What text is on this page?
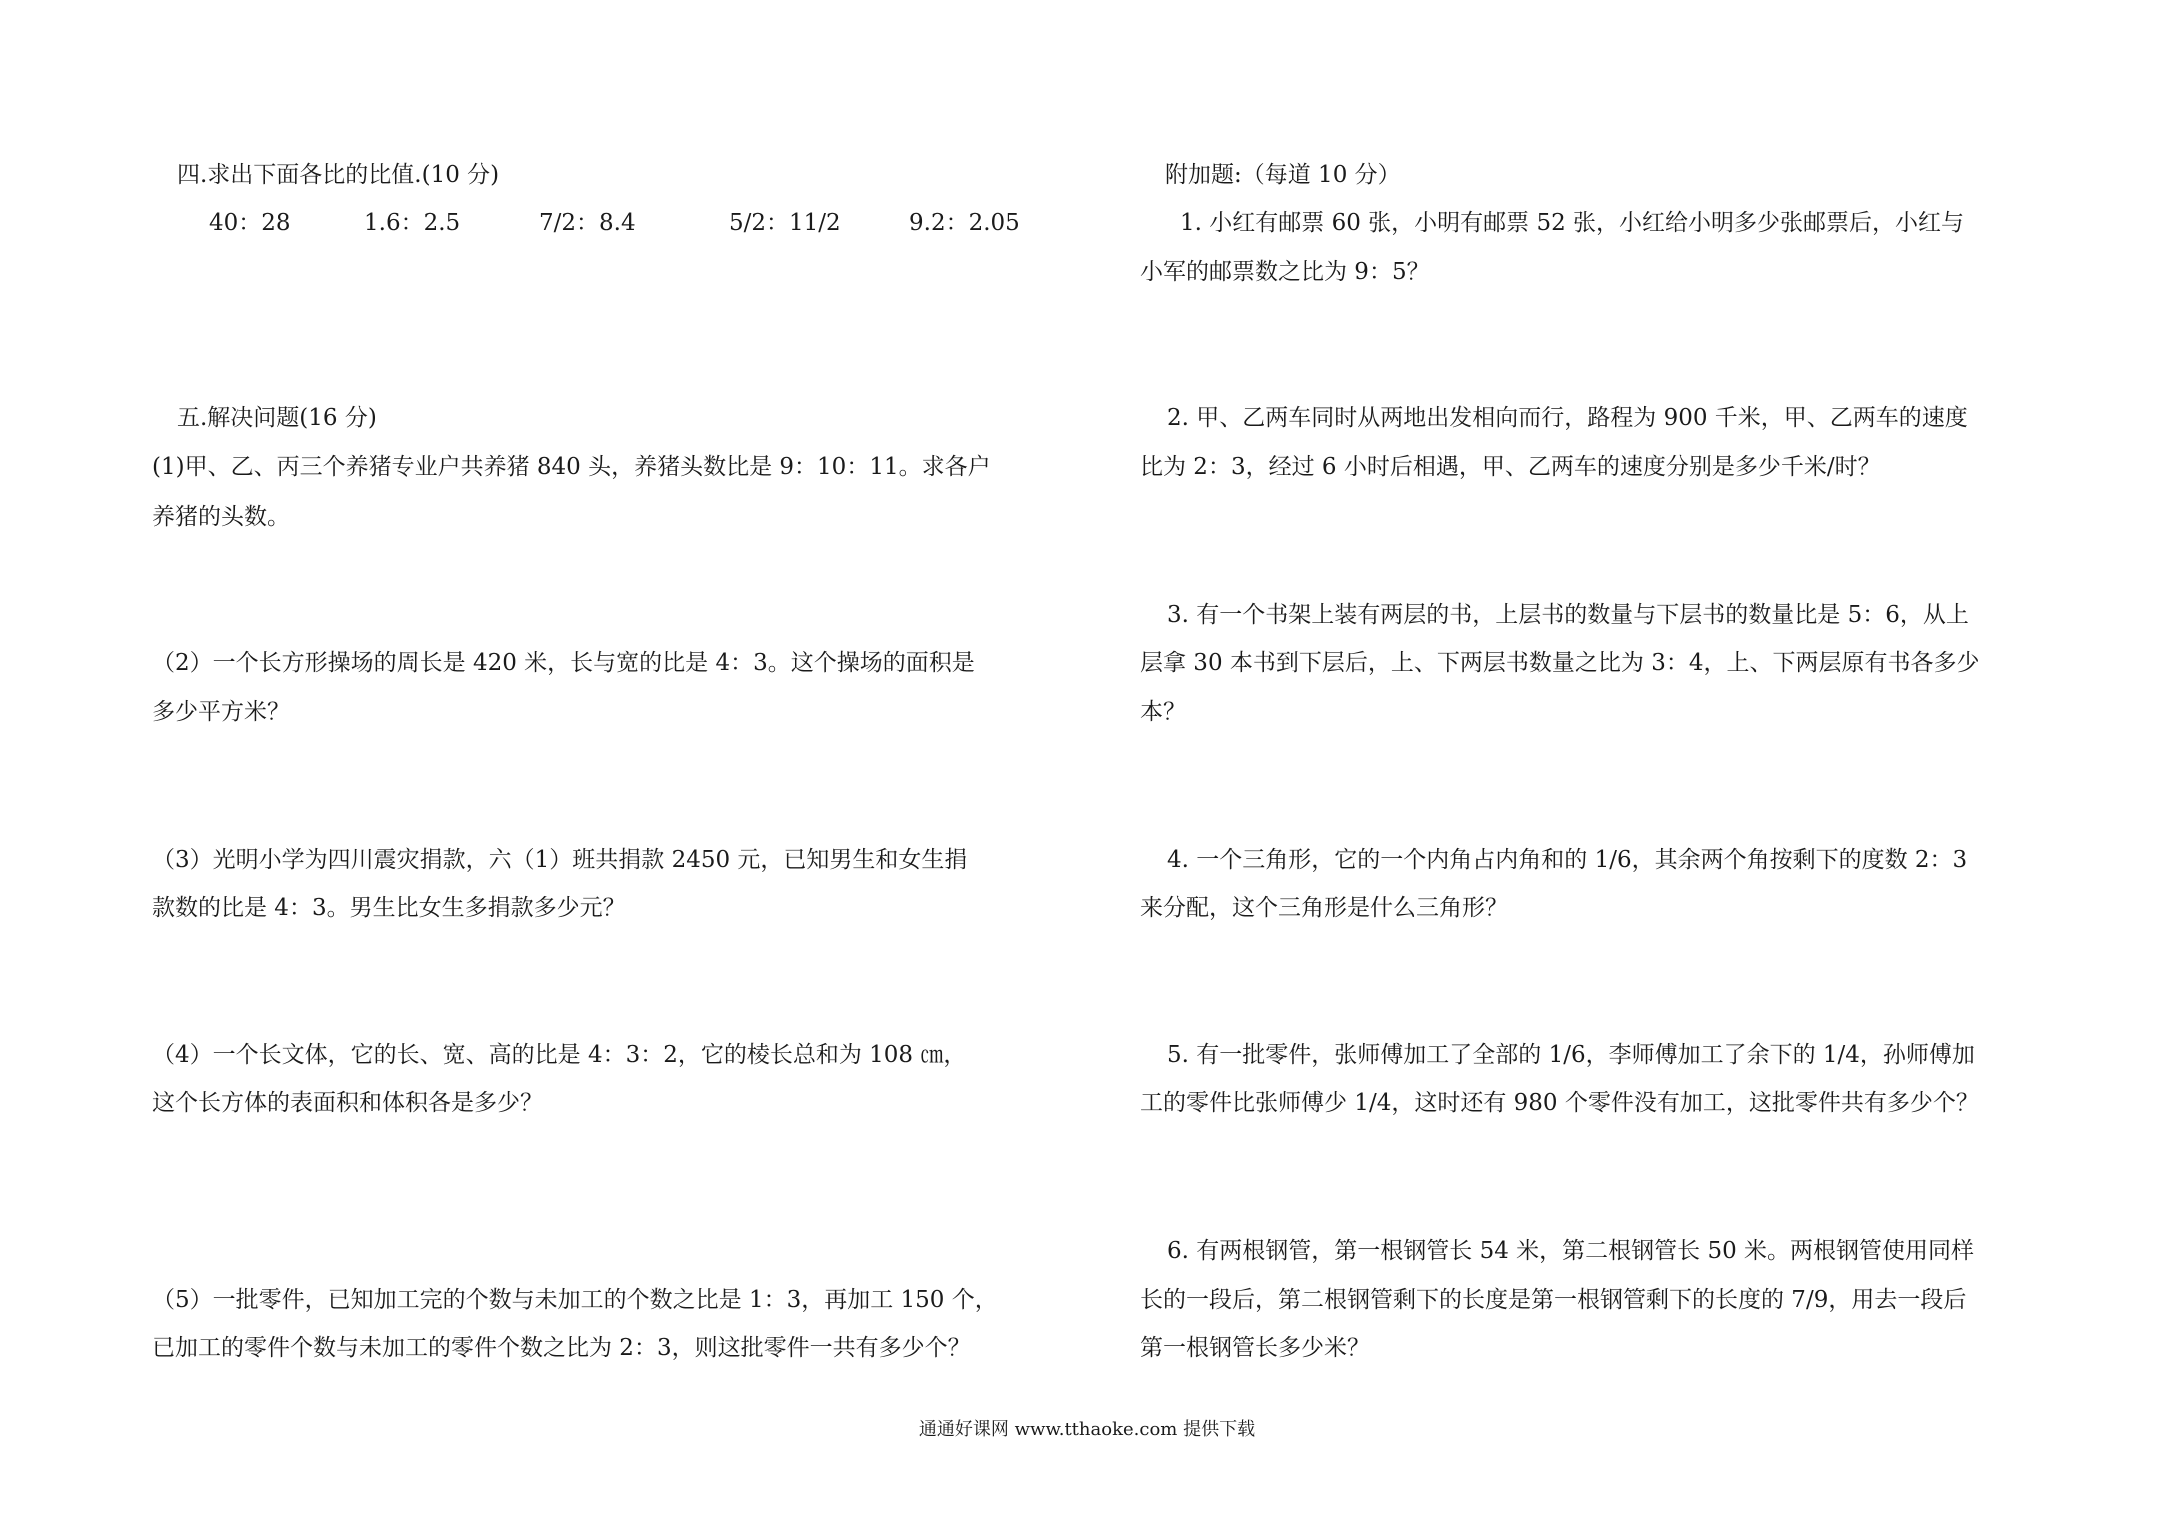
四.求出下面各比的比值.(10 分)
40：28	1.6：2.5	7/2：8.4	5/2：11/2	9.2：2.05
五.解决问题(16 分)
(1)甲、乙、丙三个养猪专业户共养猪 840 头，养猪头数比是 9：10：11。求各户
养猪的头数。
（2）一个长方形操场的周长是 420 米，长与宽的比是 4：3。这个操场的面积是
多少平方米？
（3）光明小学为四川震灾捐款，六（1）班共捐款 2450 元，已知男生和女生捐
款数的比是 4：3。男生比女生多捐款多少元？
（4）一个长文体，它的长、宽、高的比是 4：3：2，它的棱长总和为 108 ㎝，
这个长方体的表面积和体积各是多少？
（5）一批零件，已知加工完的个数与未加工的个数之比是 1：3，再加工 150 个，
已加工的零件个数与未加工的零件个数之比为 2：3，则这批零件一共有多少个？
附加题:（每道 10 分）
1. 小红有邮票 60 张，小明有邮票 52 张，小红给小明多少张邮票后，小红与
小军的邮票数之比为 9：5？
2. 甲、乙两车同时从两地出发相向而行，路程为 900 千米，甲、乙两车的速度
比为 2：3，经过 6 小时后相遇，甲、乙两车的速度分别是多少千米/时？
3. 有一个书架上装有两层的书，上层书的数量与下层书的数量比是 5：6，从上
层拿 30 本书到下层后，上、下两层书数量之比为 3：4，上、下两层原有书各多少
本？
4. 一个三角形，它的一个内角占内角和的 1/6，其余两个角按剩下的度数 2：3
来分配，这个三角形是什么三角形？
5. 有一批零件，张师傅加工了全部的 1/6，李师傅加工了余下的 1/4，孙师傅加
工的零件比张师傅少 1/4，这时还有 980 个零件没有加工，这批零件共有多少个？
6. 有两根钢管，第一根钢管长 54 米，第二根钢管长 50 米。两根钢管使用同样
长的一段后，第二根钢管剩下的长度是第一根钢管剩下的长度的 7/9，用去一段后
第一根钢管长多少米？
通通好课网 www.tthaoke.com 提供下载
